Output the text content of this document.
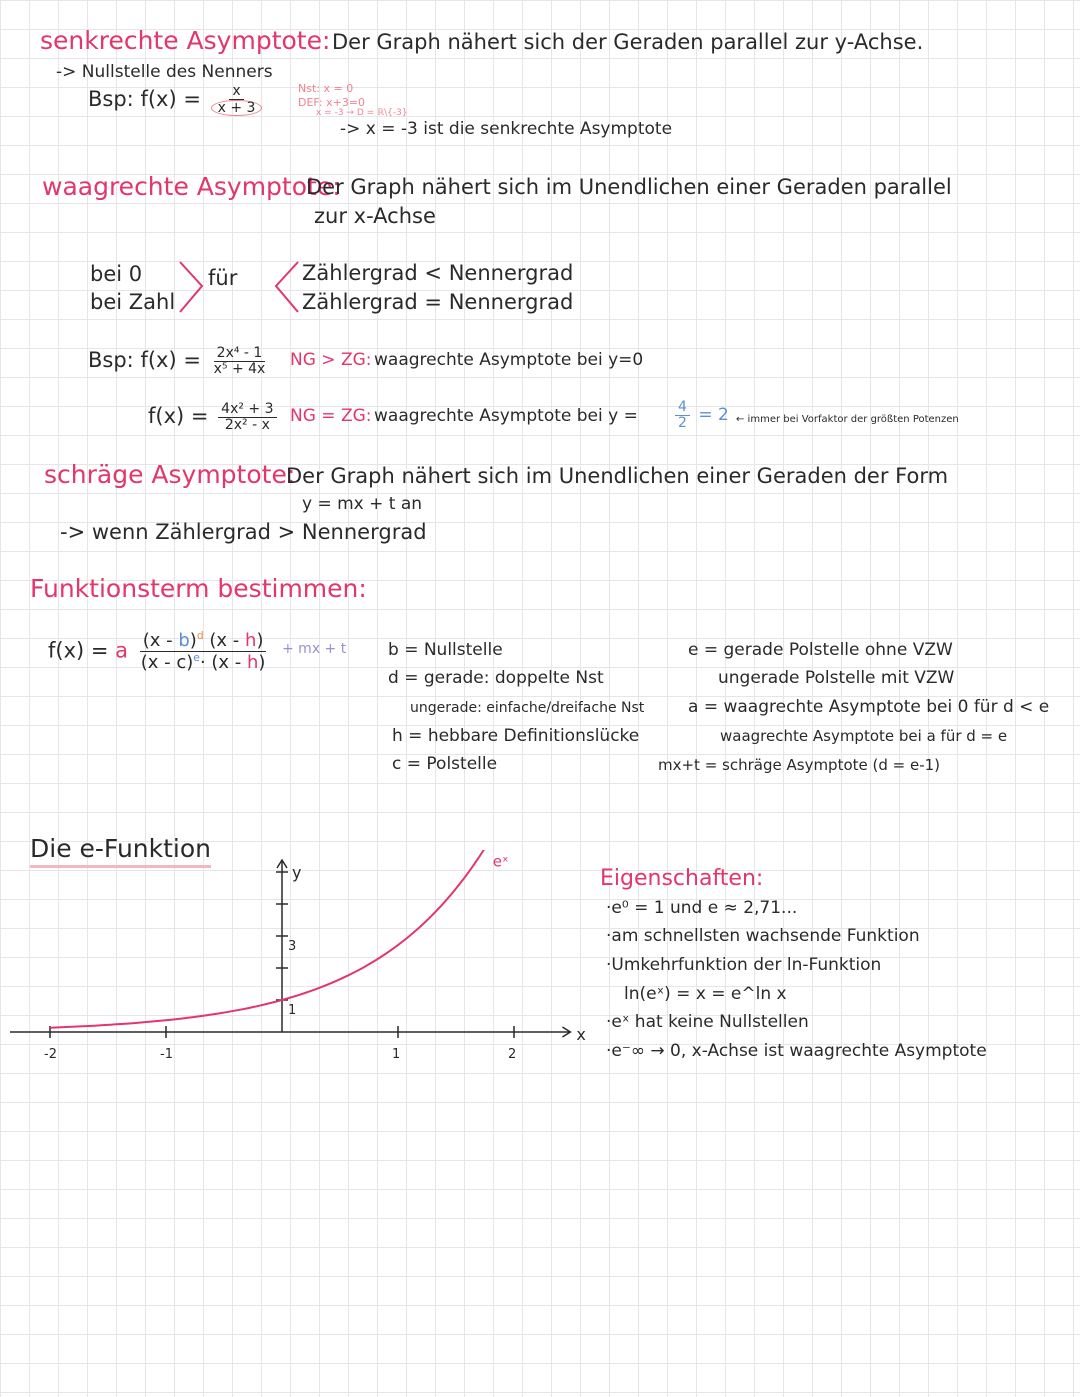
senkrechte Asymptote: Der Graph nähert sich der Geraden parallel zur y-Achse.
-> Nullstelle des Nenners
Bsp: $f(x) = \frac{x}{x + 3}$	Nst: x = 0
DEF: x+3=0
x = -3 → D = ℝ\{-3}
-> x = -3 ist die senkrechte Asymptote
waagrechte Asymptote:
Der Graph nähert sich im Unendlichen einer Geraden parallel
zur x-Achse
bei 0
bei Zahl
für	Zählergrad < Nennergrad
Zählergrad = Nennergrad
Bsp: $f(x) = \frac{\text{2x⁴ - 1}}{\text{x⁵ + 4x}}$ NG > ZG: waagrechte Asymptote bei y=0
$f(x) = \frac{\text{4x² + 3}}{\text{2x² - x}}$ NG = ZG: waagrechte Asymptote bei y =	$\frac{4}{2} = 2$ ← immer bei Vorfaktor der größten Potenzen
schräge Asymptote:
Der Graph nähert sich im Unendlichen einer Geraden der Form
y = mx + t an
-> wenn Zählergrad > Nennergrad
Funktionsterm bestimmen:
f(x) = a $\frac{(x - b)^d (x - h)}{(x - c)^e\cdot (x - h)}$ + mx + t b = Nullstelle
d = gerade: doppelte Nst
ungerade: einfache/dreifache Nst
h = hebbare Definitionslücke
c = Polstelle
e = gerade Polstelle ohne VZW
ungerade Polstelle mit VZW
a = waagrechte Asymptote bei 0 für d < e
waagrechte Asymptote bei a für d = e
mx+t = schräge Asymptote (d = e-1)
Die e-Funktion
Eigenschaften:
·e⁰ = 1 und e ≈ 2,71...
·am schnellsten wachsende Funktion
·Umkehrfunktion der ln-Funktion
ln(eˣ) = x = e^ln x
·eˣ hat keine Nullstellen
·e⁻∞ → 0, x-Achse ist waagrechte Asymptote
x
y
-2	-1	1	2
1
3
eˣ
